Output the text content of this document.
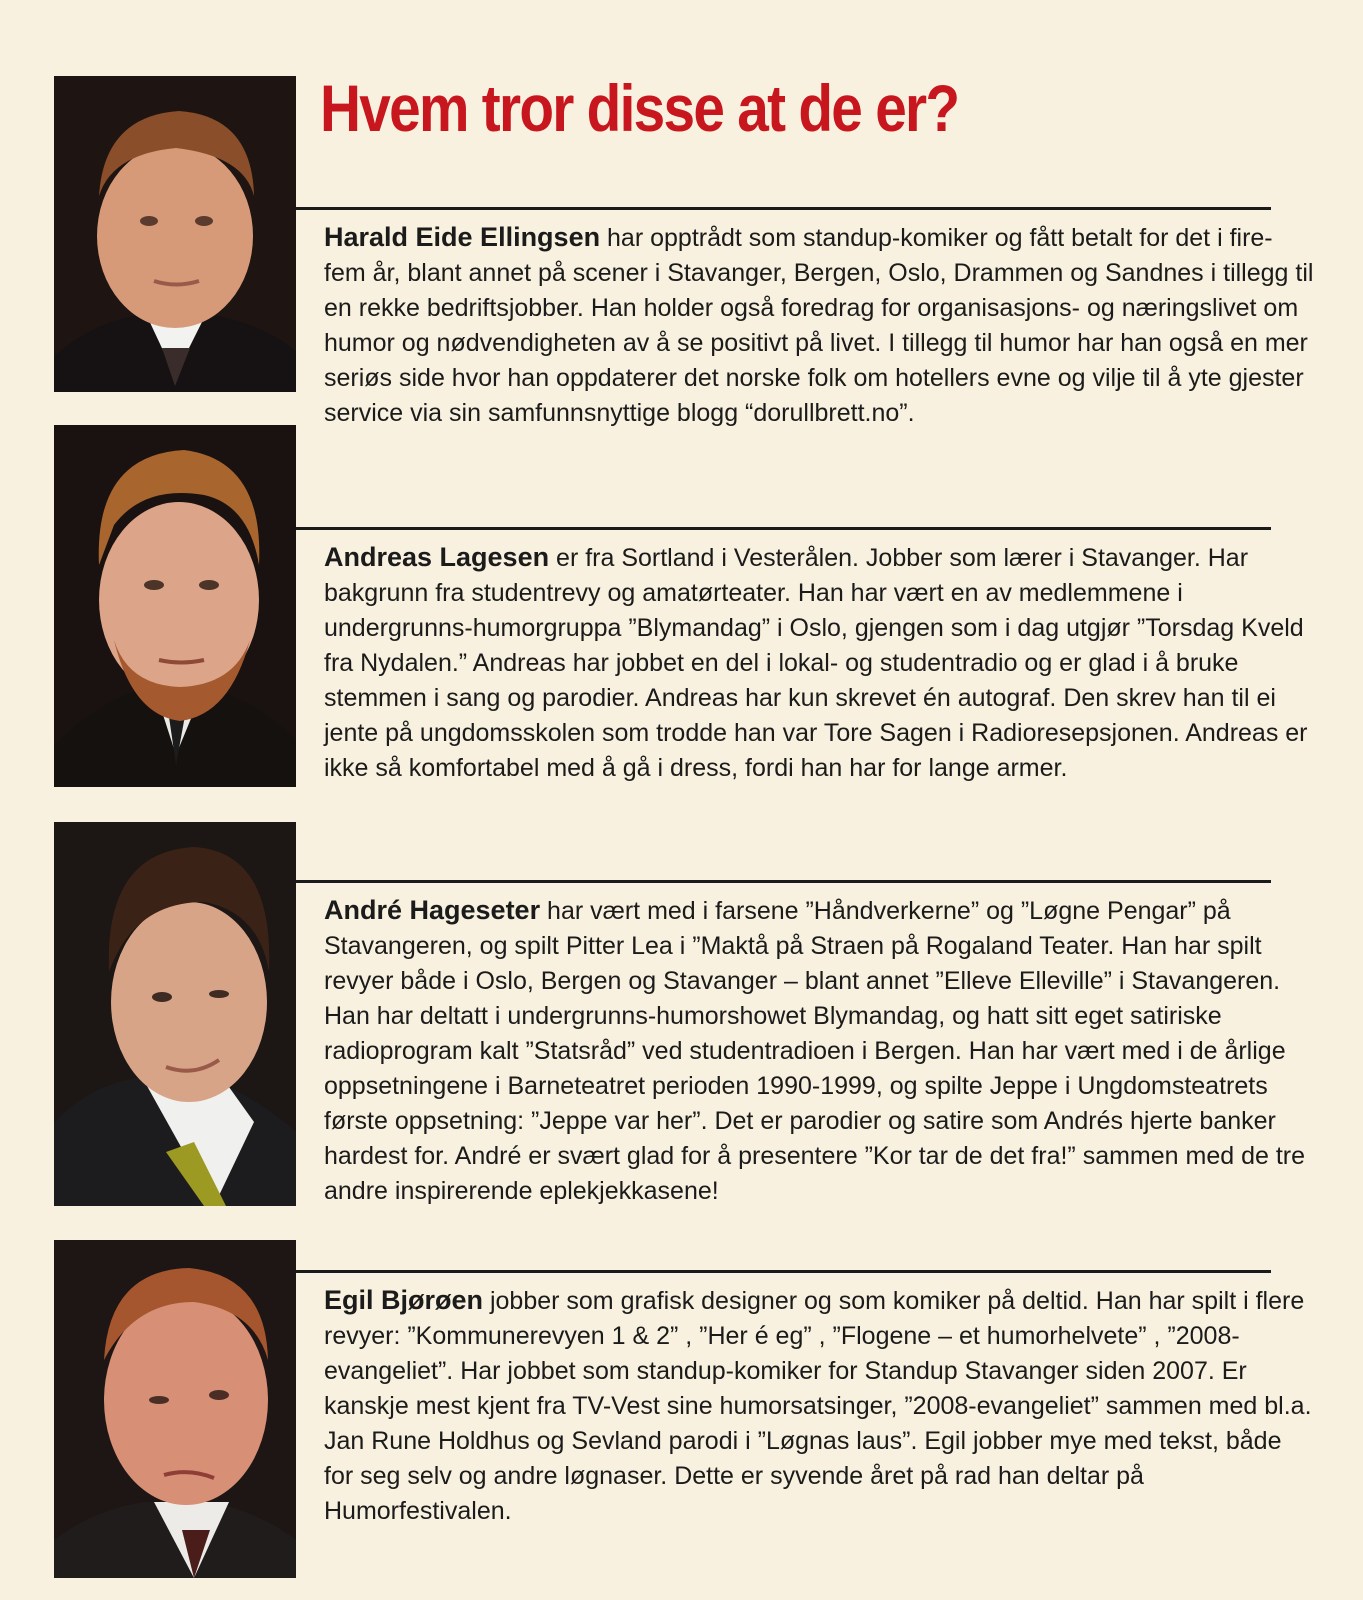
Hvem tror disse at de er?

Harald Eide Ellingsen har opptrådt som standup-komiker og fått betalt for det i fire-fem år, blant annet på scener i Stavanger, Bergen, Oslo, Drammen og Sandnes i tillegg til en rekke bedriftsjobber. Han holder også foredrag for organisasjons- og næringslivet om humor og nødvendigheten av å se positivt på livet. I tillegg til humor har han også en mer seriøs side hvor han oppdaterer det norske folk om hotellers evne og vilje til å yte gjester service via sin samfunnsnyttige blogg “dorullbrett.no”.

Andreas Lagesen er fra Sortland i Vesterålen. Jobber som lærer i Stavanger. Har bakgrunn fra studentrevy og amatørteater. Han har vært en av medlemmene i undergrunns-humorgruppa ”Blymandag” i Oslo, gjengen som i dag utgjør ”Torsdag Kveld fra Nydalen.” Andreas har jobbet en del i lokal- og studentradio og er glad i å bruke stemmen i sang og parodier. Andreas har kun skrevet én autograf. Den skrev han til ei jente på ungdomsskolen som trodde han var Tore Sagen i Radioresepsjonen. Andreas er ikke så komfortabel med å gå i dress, fordi han har for lange armer.

André Hageseter har vært med i farsene ”Håndverkerne” og ”Løgne Pengar” på Stavangeren, og spilt Pitter Lea i ”Maktå på Straen på Rogaland Teater. Han har spilt revyer både i Oslo, Bergen og Stavanger – blant annet ”Elleve Elleville” i Stavangeren. Han har deltatt i undergrunns-humorshowet Blymandag, og hatt sitt eget satiriske radioprogram kalt ”Statsråd” ved studentradioen i Bergen. Han har vært med i de årlige oppsetningene i Barneteatret perioden 1990-1999, og spilte Jeppe i Ungdomsteatrets første oppsetning: ”Jeppe var her”. Det er parodier og satire som Andrés hjerte banker hardest for. André er svært glad for å presentere ”Kor tar de det fra!” sammen med de tre andre inspirerende eplekjekkasene!

Egil Bjørøen jobber som grafisk designer og som komiker på deltid. Han har spilt i flere revyer: ”Kommunerevyen 1 & 2” , ”Her é eg” , ”Flogene – et humorhelvete” , ”2008-evangeliet”. Har jobbet som standup-komiker for Standup Stavanger siden 2007. Er kanskje mest kjent fra TV-Vest sine humorsatsinger, ”2008-evangeliet” sammen med bl.a. Jan Rune Holdhus og Sevland parodi i ”Løgnas laus”. Egil jobber mye med tekst, både for seg selv og andre løgnaser. Dette er syvende året på rad han deltar på Humorfestivalen.
